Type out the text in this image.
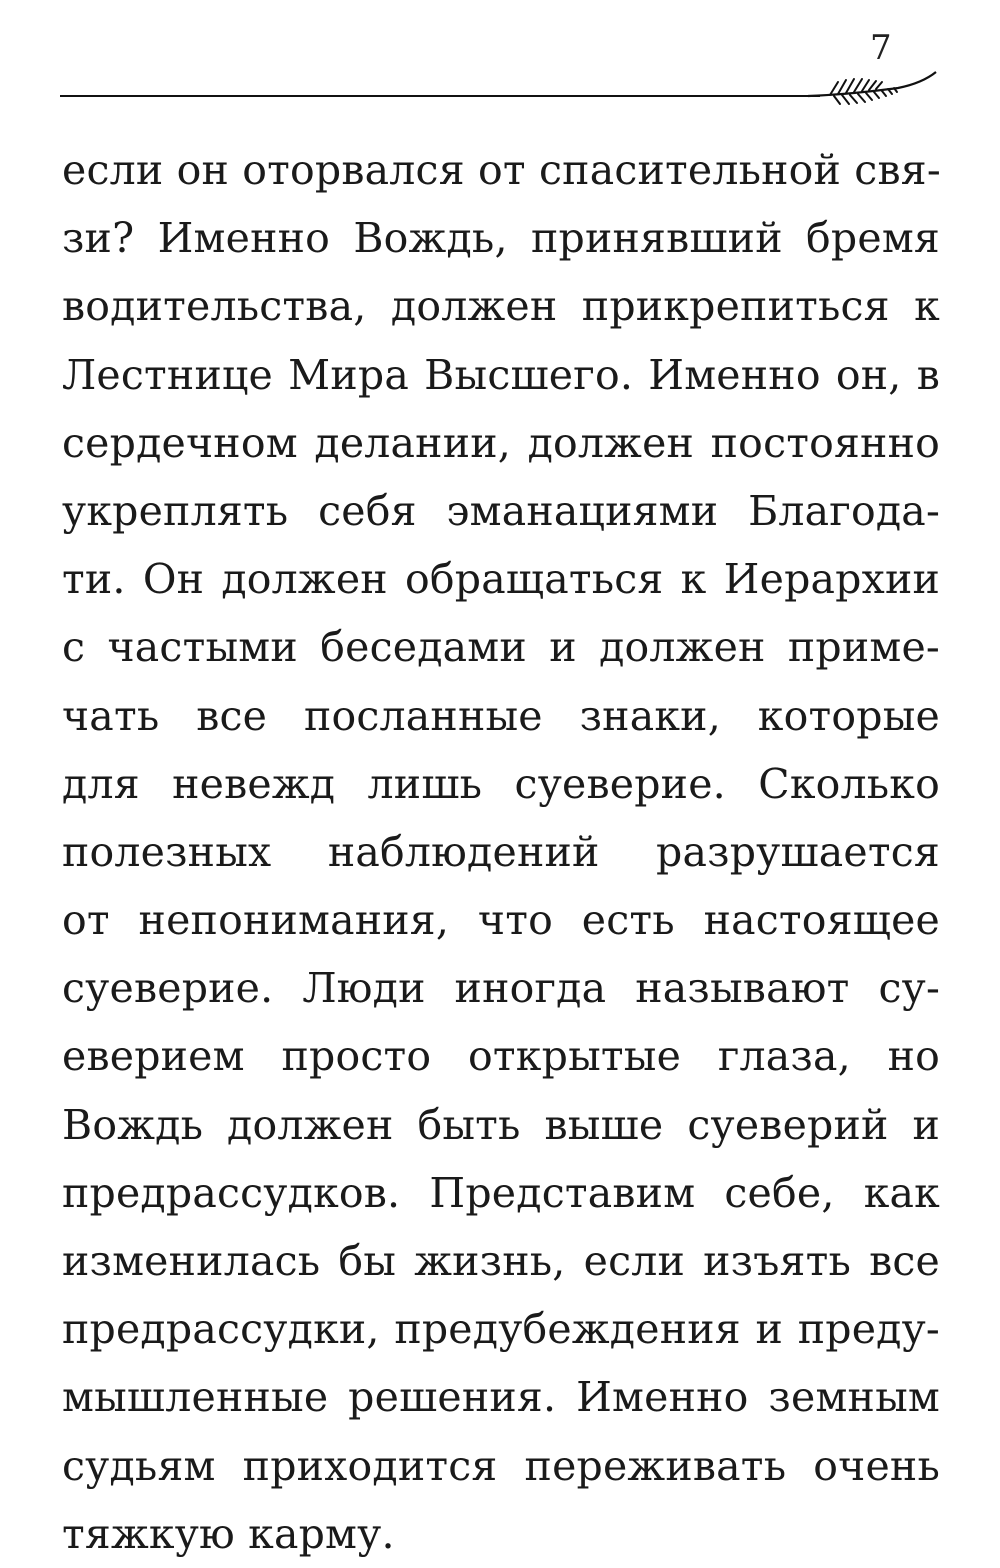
7
если он оторвался от спасительной свя-
зи? Именно Вождь, принявший бремя
водительства, должен прикрепиться к
Лестнице Мира Высшего. Именно он, в
сердечном делании, должен постоянно
укреплять себя эманациями Благода-
ти. Он должен обращаться к Иерархии
с частыми беседами и должен приме-
чать все посланные знаки, которые
для невежд лишь суеверие. Сколько
полезных наблюдений разрушается
от непонимания, что есть настоящее
суеверие. Люди иногда называют су-
еверием просто открытые глаза, но
Вождь должен быть выше суеверий и
предрассудков. Представим себе, как
изменилась бы жизнь, если изъять все
предрассудки, предубеждения и преду-
мышленные решения. Именно земным
судьям приходится переживать очень
тяжкую карму.
